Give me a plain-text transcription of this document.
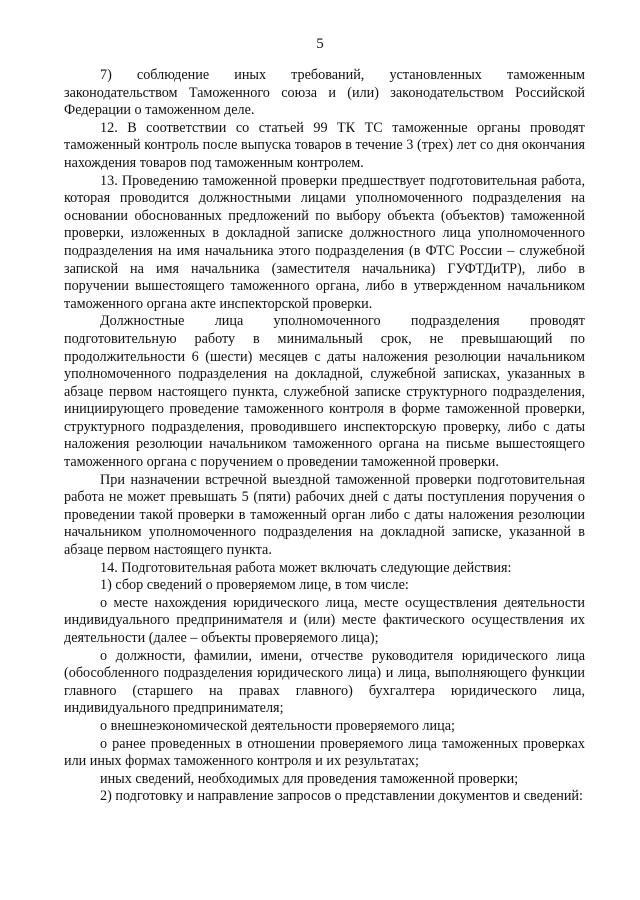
5

7) соблюдение иных требований, установленных таможенным законодательством Таможенного союза и (или) законодательством Российской Федерации о таможенном деле.

12. В соответствии со статьей 99 ТК ТС таможенные органы проводят таможенный контроль после выпуска товаров в течение 3 (трех) лет со дня окончания нахождения товаров под таможенным контролем.

13. Проведению таможенной проверки предшествует подготовительная работа, которая проводится должностными лицами уполномоченного подразделения на основании обоснованных предложений по выбору объекта (объектов) таможенной проверки, изложенных в докладной записке должностного лица уполномоченного подразделения на имя начальника этого подразделения (в ФТС России – служебной запиской на имя начальника (заместителя начальника) ГУФТДиТР), либо в поручении вышестоящего таможенного органа, либо в утвержденном начальником таможенного органа акте инспекторской проверки.

Должностные лица уполномоченного подразделения проводят подготовительную работу в минимальный срок, не превышающий по продолжительности 6 (шести) месяцев с даты наложения резолюции начальником уполномоченного подразделения на докладной, служебной записках, указанных в абзаце первом настоящего пункта, служебной записке структурного подразделения, инициирующего проведение таможенного контроля в форме таможенной проверки, структурного подразделения, проводившего инспекторскую проверку, либо с даты наложения резолюции начальником таможенного органа на письме вышестоящего таможенного органа с поручением о проведении таможенной проверки.

При назначении встречной выездной таможенной проверки подготовительная работа не может превышать 5 (пяти) рабочих дней с даты поступления поручения о проведении такой проверки в таможенный орган либо с даты наложения резолюции начальником уполномоченного подразделения на докладной записке, указанной в абзаце первом настоящего пункта.

14. Подготовительная работа может включать следующие действия:

1) сбор сведений о проверяемом лице, в том числе:

о месте нахождения юридического лица, месте осуществления деятельности индивидуального предпринимателя и (или) месте фактического осуществления их деятельности (далее – объекты проверяемого лица);

о должности, фамилии, имени, отчестве руководителя юридического лица (обособленного подразделения юридического лица) и лица, выполняющего функции главного (старшего на правах главного) бухгалтера юридического лица, индивидуального предпринимателя;

о внешнеэкономической деятельности проверяемого лица;

о ранее проведенных в отношении проверяемого лица таможенных проверках или иных формах таможенного контроля и их результатах;

иных сведений, необходимых для проведения таможенной проверки;

2) подготовку и направление запросов о представлении документов и сведений:
